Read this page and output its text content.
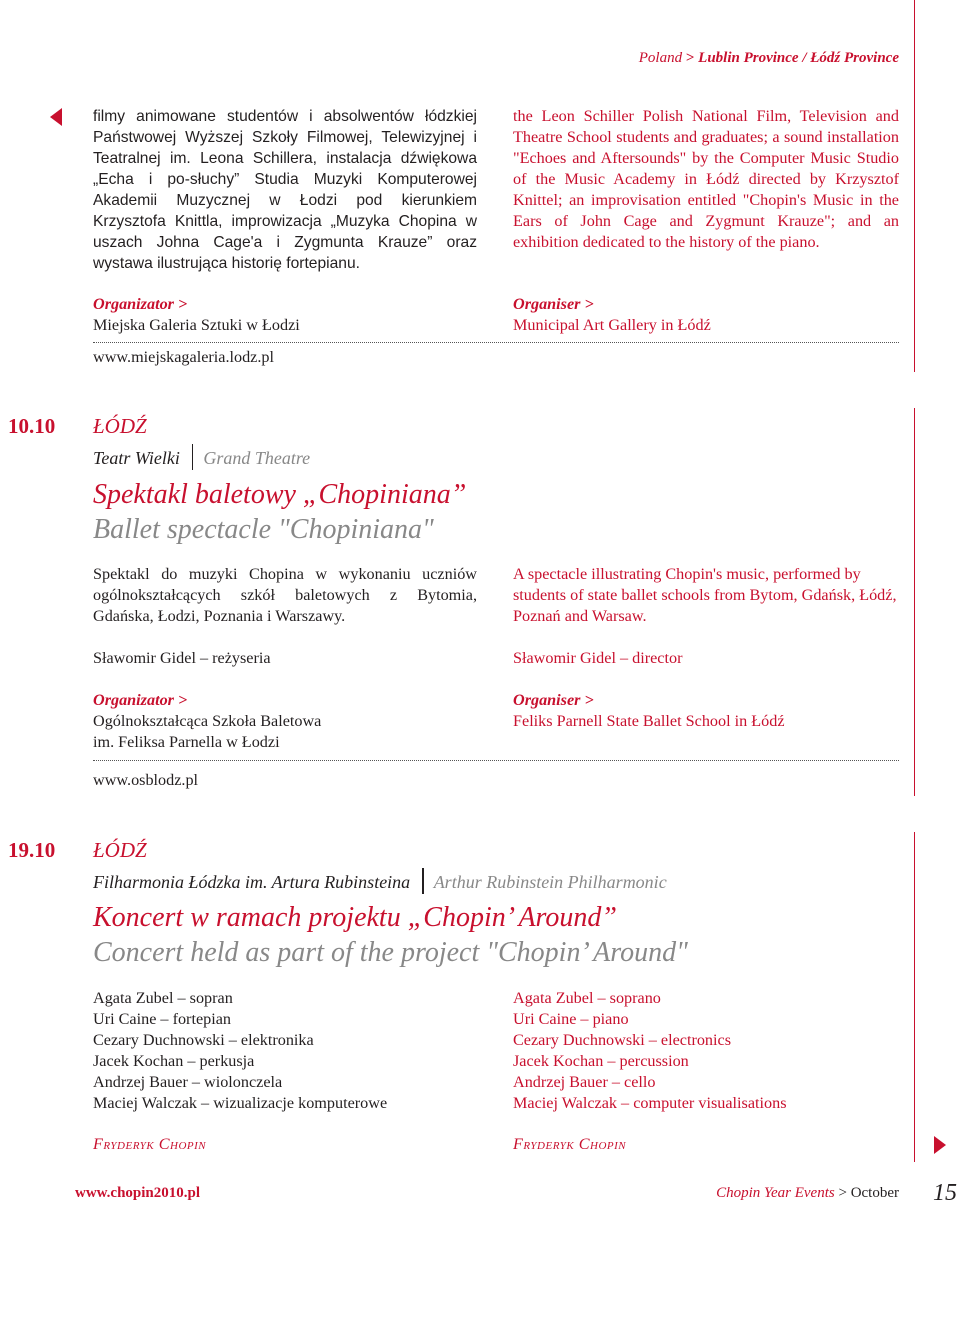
Poland > Lublin Province / Łódź Province
filmy animowane studentów i absolwentów łódzkiej Państwowej Wyższej Szkoły Filmowej, Telewizyjnej i Teatralnej im. Leona Schillera, instalacja dźwiękowa „Echa i po-słuchy” Studia Muzyki Komputerowej Akademii Muzycznej w Łodzi pod kierunkiem Krzysztofa Knittla, improwizacja „Muzyka Chopina w uszach Johna Cage'a i Zygmunta Krauze” oraz wystawa ilustrująca historię fortepianu.
the Leon Schiller Polish National Film, Television and Theatre School students and graduates; a sound installation "Echoes and Aftersounds" by the Computer Music Studio of the Music Academy in Łódź directed by Krzysztof Knittel; an improvisation entitled "Chopin's Music in the Ears of John Cage and Zygmunt Krauze"; and an exhibition dedicated to the history of the piano.
Organizator >
Miejska Galeria Sztuki w Łodzi
Organiser >
Municipal Art Gallery in Łódź
www.miejskagaleria.lodz.pl
10.10 ŁÓDŹ
Teatr Wielki Grand Theatre
Spektakl baletowy „Chopiniana”
Ballet spectacle "Chopiniana"
Spektakl do muzyki Chopina w wykonaniu uczniów ogólnokształcących szkół baletowych z Bytomia, Gdańska, Łodzi, Poznania i Warszawy.
A spectacle illustrating Chopin's music, performed by students of state ballet schools from Bytom, Gdańsk, Łódź, Poznań and Warsaw.
Sławomir Gidel – reżyseria	Sławomir Gidel – director
Organizator >
Ogólnokształcąca Szkoła Baletowa
im. Feliksa Parnella w Łodzi
Organiser >
Feliks Parnell State Ballet School in Łódź
www.osblodz.pl
19.10 ŁÓDŹ
Filharmonia Łódzka im. Artura Rubinsteina Arthur Rubinstein Philharmonic
Koncert w ramach projektu „Chopin’ Around”
Concert held as part of the project "Chopin’ Around"
Agata Zubel – sopran
Uri Caine – fortepian
Cezary Duchnowski – elektronika
Jacek Kochan – perkusja
Andrzej Bauer – wiolonczela
Maciej Walczak – wizualizacje komputerowe
Agata Zubel – soprano
Uri Caine – piano
Cezary Duchnowski – electronics
Jacek Kochan – percussion
Andrzej Bauer – cello
Maciej Walczak – computer visualisations
Fryderyk Chopin	Fryderyk Chopin
www.chopin2010.pl	Chopin Year Events > October 15
